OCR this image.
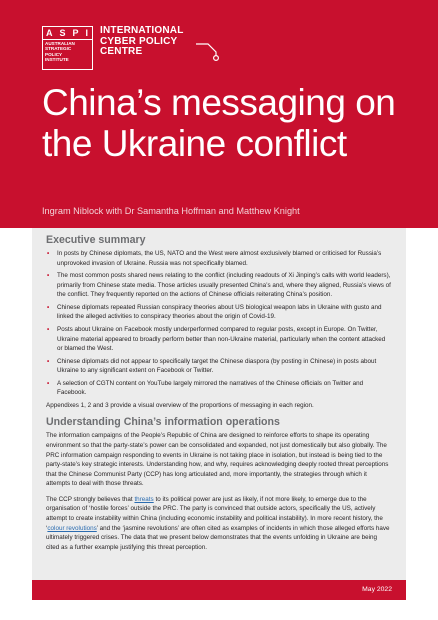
A S P I
AUSTRALIAN
STRATEGIC
POLICY
INSTITUTE
INTERNATIONAL
CYBER POLICY
CENTRE
China’s messaging on the Ukraine conflict
Ingram Niblock with Dr Samantha Hoffman and Matthew Knight
Executive summary
• In posts by Chinese diplomats, the US, NATO and the West were almost exclusively blamed or criticised for Russia’s unprovoked invasion of Ukraine. Russia was not specifically blamed.
• The most common posts shared news relating to the conflict (including readouts of Xi Jinping’s calls with world leaders), primarily from Chinese state media. Those articles usually presented China’s and, where they aligned, Russia’s views of the conflict. They frequently reported on the actions of Chinese officials reiterating China’s position.
• Chinese diplomats repeated Russian conspiracy theories about US biological weapon labs in Ukraine with gusto and linked the alleged activities to conspiracy theories about the origin of Covid-19.
• Posts about Ukraine on Facebook mostly underperformed compared to regular posts, except in Europe. On Twitter, Ukraine material appeared to broadly perform better than non-Ukraine material, particularly when the content attacked or blamed the West.
• Chinese diplomats did not appear to specifically target the Chinese diaspora (by posting in Chinese) in posts about Ukraine to any significant extent on Facebook or Twitter.
• A selection of CGTN content on YouTube largely mirrored the narratives of the Chinese officials on Twitter and Facebook.

Appendixes 1, 2 and 3 provide a visual overview of the proportions of messaging in each region.

Understanding China’s information operations

The information campaigns of the People’s Republic of China are designed to reinforce efforts to shape its operating environment so that the party-state’s power can be consolidated and expanded, not just domestically but also globally. The PRC information campaign responding to events in Ukraine is not taking place in isolation, but instead is being tied to the party-state’s key strategic interests. Understanding how, and why, requires acknowledging deeply rooted threat perceptions that the Chinese Communist Party (CCP) has long articulated and, more importantly, the strategies through which it attempts to deal with those threats.

The CCP strongly believes that threats to its political power are just as likely, if not more likely, to emerge due to the organisation of ‘hostile forces’ outside the PRC. The party is convinced that outside actors, specifically the US, actively attempt to create instability within China (including economic instability and political instability). In more recent history, the ‘colour revolutions’ and the ‘jasmine revolutions’ are often cited as examples of incidents in which those alleged efforts have ultimately triggered crises. The data that we present below demonstrates that the events unfolding in Ukraine are being cited as a further example justifying this threat perception.

May 2022
